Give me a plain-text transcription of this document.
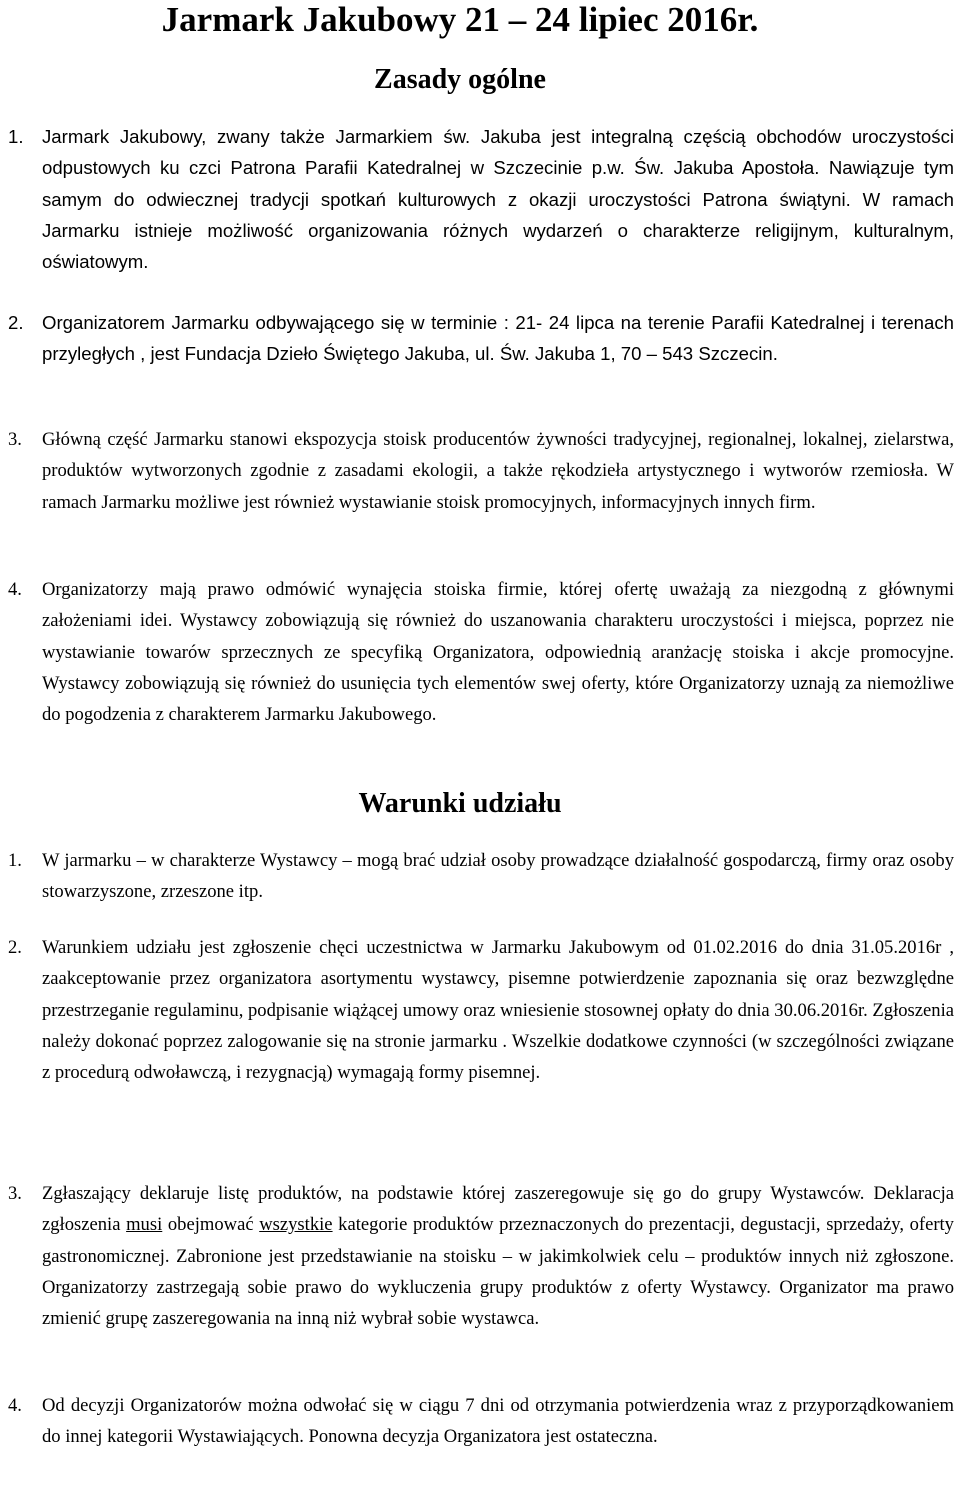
Jarmark Jakubowy 21 – 24 lipiec 2016r.
Zasady ogólne
1. Jarmark Jakubowy, zwany także Jarmarkiem św. Jakuba jest integralną częścią obchodów uroczystości odpustowych ku czci Patrona Parafii Katedralnej w Szczecinie p.w. Św. Jakuba Apostoła. Nawiązuje tym samym do odwiecznej tradycji spotkań kulturowych z okazji uroczystości Patrona świątyni. W ramach Jarmarku istnieje możliwość organizowania różnych wydarzeń o charakterze religijnym, kulturalnym, oświatowym.
2. Organizatorem Jarmarku odbywającego się w terminie : 21- 24 lipca na terenie Parafii Katedralnej i terenach przyległych , jest Fundacja Dzieło Świętego Jakuba, ul. Św. Jakuba 1, 70 – 543 Szczecin.
3.	Główną część Jarmarku stanowi ekspozycja stoisk producentów żywności tradycyjnej, regionalnej, lokalnej, zielarstwa, produktów wytworzonych zgodnie z zasadami ekologii, a także rękodzieła artystycznego i wytworów rzemiosła. W ramach Jarmarku możliwe jest również wystawianie stoisk promocyjnych, informacyjnych innych firm.
4.	Organizatorzy mają prawo odmówić wynajęcia stoiska firmie, której ofertę uważają za niezgodną z głównymi założeniami idei. Wystawcy zobowiązują się również do uszanowania charakteru uroczystości i miejsca, poprzez nie wystawianie towarów sprzecznych ze specyfiką Organizatora, odpowiednią aranżację stoiska i akcje promocyjne. Wystawcy zobowiązują się również do usunięcia tych elementów swej oferty, które Organizatorzy uznają za niemożliwe do pogodzenia z charakterem Jarmarku Jakubowego.
Warunki udziału
1.	W jarmarku – w charakterze Wystawcy – mogą brać udział osoby prowadzące działalność gospodarczą, firmy oraz osoby stowarzyszone, zrzeszone itp.
2.	Warunkiem udziału jest zgłoszenie chęci uczestnictwa w Jarmarku Jakubowym od 01.02.2016 do dnia 31.05.2016r , zaakceptowanie przez organizatora asortymentu wystawcy, pisemne potwierdzenie zapoznania się oraz bezwzględne przestrzeganie regulaminu, podpisanie wiążącej umowy oraz wniesienie stosownej opłaty do dnia 30.06.2016r. Zgłoszenia należy dokonać poprzez zalogowanie się na stronie jarmarku . Wszelkie dodatkowe czynności (w szczególności związane z procedurą odwoławczą, i rezygnacją) wymagają formy pisemnej.
3.	Zgłaszający deklaruje listę produktów, na podstawie której zaszeregowuje się go do grupy Wystawców. Deklaracja zgłoszenia musi obejmować wszystkie kategorie produktów przeznaczonych do prezentacji, degustacji, sprzedaży, oferty gastronomicznej. Zabronione jest przedstawianie na stoisku – w jakimkolwiek celu – produktów innych niż zgłoszone. Organizatorzy zastrzegają sobie prawo do wykluczenia grupy produktów z oferty Wystawcy. Organizator ma prawo zmienić grupę zaszeregowania na inną niż wybrał sobie wystawca.
4.	Od decyzji Organizatorów można odwołać się w ciągu 7 dni od otrzymania potwierdzenia wraz z przyporządkowaniem do innej kategorii Wystawiających. Ponowna decyzja Organizatora jest ostateczna.
